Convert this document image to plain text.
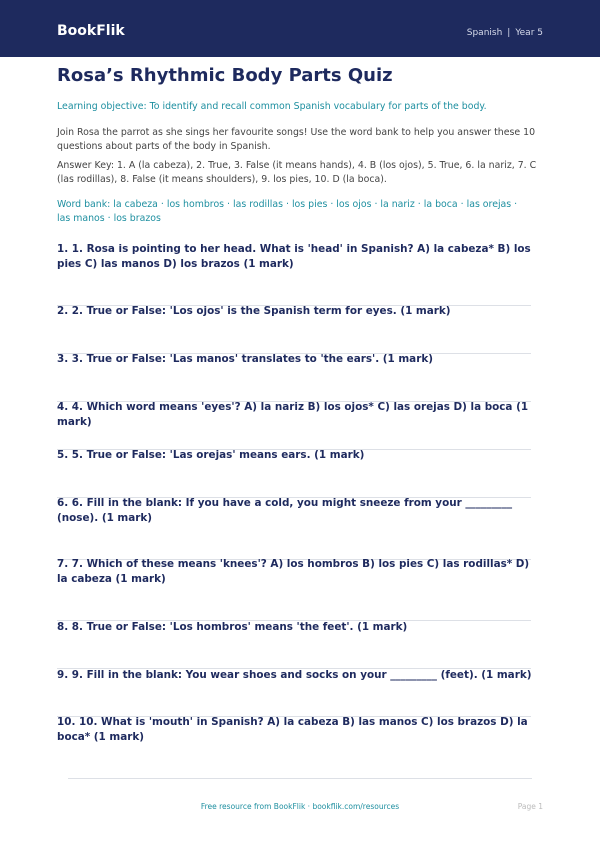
BookFlik	Spanish | Year 5
Rosa’s Rhythmic Body Parts Quiz
Learning objective: To identify and recall common Spanish vocabulary for parts of the body.
Join Rosa the parrot as she sings her favourite songs! Use the word bank to help you answer these 10 questions about parts of the body in Spanish.
Answer Key: 1. A (la cabeza), 2. True, 3. False (it means hands), 4. B (los ojos), 5. True, 6. la nariz, 7. C (las rodillas), 8. False (it means shoulders), 9. los pies, 10. D (la boca).
Word bank: la cabeza · los hombros · las rodillas · los pies · los ojos · la nariz · la boca · las orejas · las manos · los brazos
1. 1. Rosa is pointing to her head. What is 'head' in Spanish? A) la cabeza* B) los pies C) las manos D) los brazos (1 mark)
2. 2. True or False: 'Los ojos' is the Spanish term for eyes. (1 mark)
3. 3. True or False: 'Las manos' translates to 'the ears'. (1 mark)
4. 4. Which word means 'eyes'? A) la nariz B) los ojos* C) las orejas D) la boca (1 mark)
5. 5. True or False: 'Las orejas' means ears. (1 mark)
6. 6. Fill in the blank: If you have a cold, you might sneeze from your _________ (nose). (1 mark)
7. 7. Which of these means 'knees'? A) los hombros B) los pies C) las rodillas* D) la cabeza (1 mark)
8. 8. True or False: 'Los hombros' means 'the feet'. (1 mark)
9. 9. Fill in the blank: You wear shoes and socks on your _________ (feet). (1 mark)
10. 10. What is 'mouth' in Spanish? A) la cabeza B) las manos C) los brazos D) la boca* (1 mark)
Free resource from BookFlik · bookflik.com/resources	Page 1
